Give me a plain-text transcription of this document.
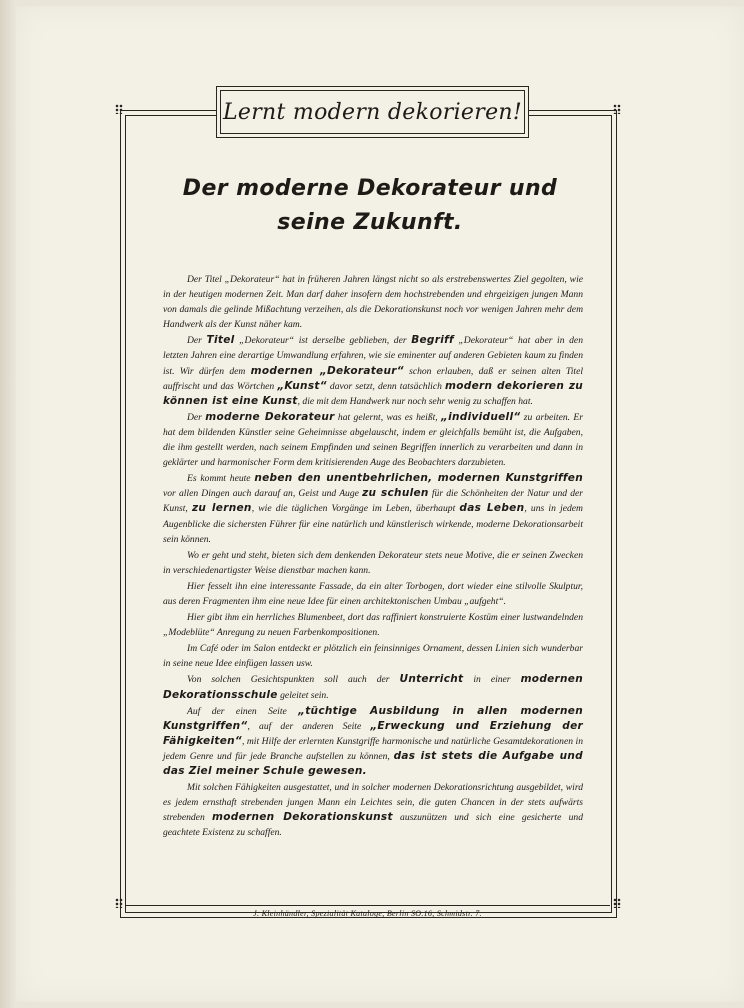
Lernt modern dekorieren!
Der moderne Dekorateur und seine Zukunft.

Der Titel „Dekorateur“ hat in früheren Jahren längst nicht so als erstrebenswertes Ziel gegolten, wie in der heutigen modernen Zeit. Man darf daher insofern dem hochstrebenden und ehrgeizigen jungen Mann von damals die gelinde Mißachtung verzeihen, als die Dekorationskunst noch vor wenigen Jahren mehr dem Handwerk als der Kunst näher kam.

Der Titel „Dekorateur“ ist derselbe geblieben, der Begriff „Dekorateur“ hat aber in den letzten Jahren eine derartige Umwandlung erfahren, wie sie eminenter auf anderen Gebieten kaum zu finden ist. Wir dürfen dem modernen „Dekorateur“ schon erlauben, daß er seinen alten Titel auffrischt und das Wörtchen „Kunst“ davor setzt, denn tatsächlich modern dekorieren zu können ist eine Kunst, die mit dem Handwerk nur noch sehr wenig zu schaffen hat.

Der moderne Dekorateur hat gelernt, was es heißt, „individuell“ zu arbeiten. Er hat dem bildenden Künstler seine Geheimnisse abgelauscht, indem er gleichfalls bemüht ist, die Aufgaben, die ihm gestellt werden, nach seinem Empfinden und seinen Begriffen innerlich zu verarbeiten und dann in geklärter und harmonischer Form dem kritisierenden Auge des Beobachters darzubieten.

Es kommt heute neben den unentbehrlichen, modernen Kunstgriffen vor allen Dingen auch darauf an, Geist und Auge zu schulen für die Schönheiten der Natur und der Kunst, zu lernen, wie die täglichen Vorgänge im Leben, überhaupt das Leben, uns in jedem Augenblicke die sichersten Führer für eine natürlich und künstlerisch wirkende, moderne Dekorationsarbeit sein können.

Wo er geht und steht, bieten sich dem denkenden Dekorateur stets neue Motive, die er seinen Zwecken in verschiedenartigster Weise dienstbar machen kann.

Hier fesselt ihn eine interessante Fassade, da ein alter Torbogen, dort wieder eine stilvolle Skulptur, aus deren Fragmenten ihm eine neue Idee für einen architektonischen Umbau „aufgeht“.

Hier gibt ihm ein herrliches Blumenbeet, dort das raffiniert konstruierte Kostüm einer lustwandelnden „Modeblüte“ Anregung zu neuen Farbenkompositionen.

Im Café oder im Salon entdeckt er plötzlich ein feinsinniges Ornament, dessen Linien sich wunderbar in seine neue Idee einfügen lassen usw.

Von solchen Gesichtspunkten soll auch der Unterricht in einer modernen Dekorationsschule geleitet sein.

Auf der einen Seite „tüchtige Ausbildung in allen modernen Kunstgriffen“, auf der anderen Seite „Erweckung und Erziehung der Fähigkeiten“, mit Hilfe der erlernten Kunstgriffe harmonische und natürliche Gesamtdekorationen in jedem Genre und für jede Branche aufstellen zu können, das ist stets die Aufgabe und das Ziel meiner Schule gewesen.

Mit solchen Fähigkeiten ausgestattet, und in solcher modernen Dekorationsrichtung ausgebildet, wird es jedem ernsthaft strebenden jungen Mann ein Leichtes sein, die guten Chancen in der stets aufwärts strebenden modernen Dekorationskunst auszunützen und sich eine gesicherte und geachtete Existenz zu schaffen.

J. Kleinhändler, Spezialität Kataloge, Berlin SO.16, Schmidstr. 7.
